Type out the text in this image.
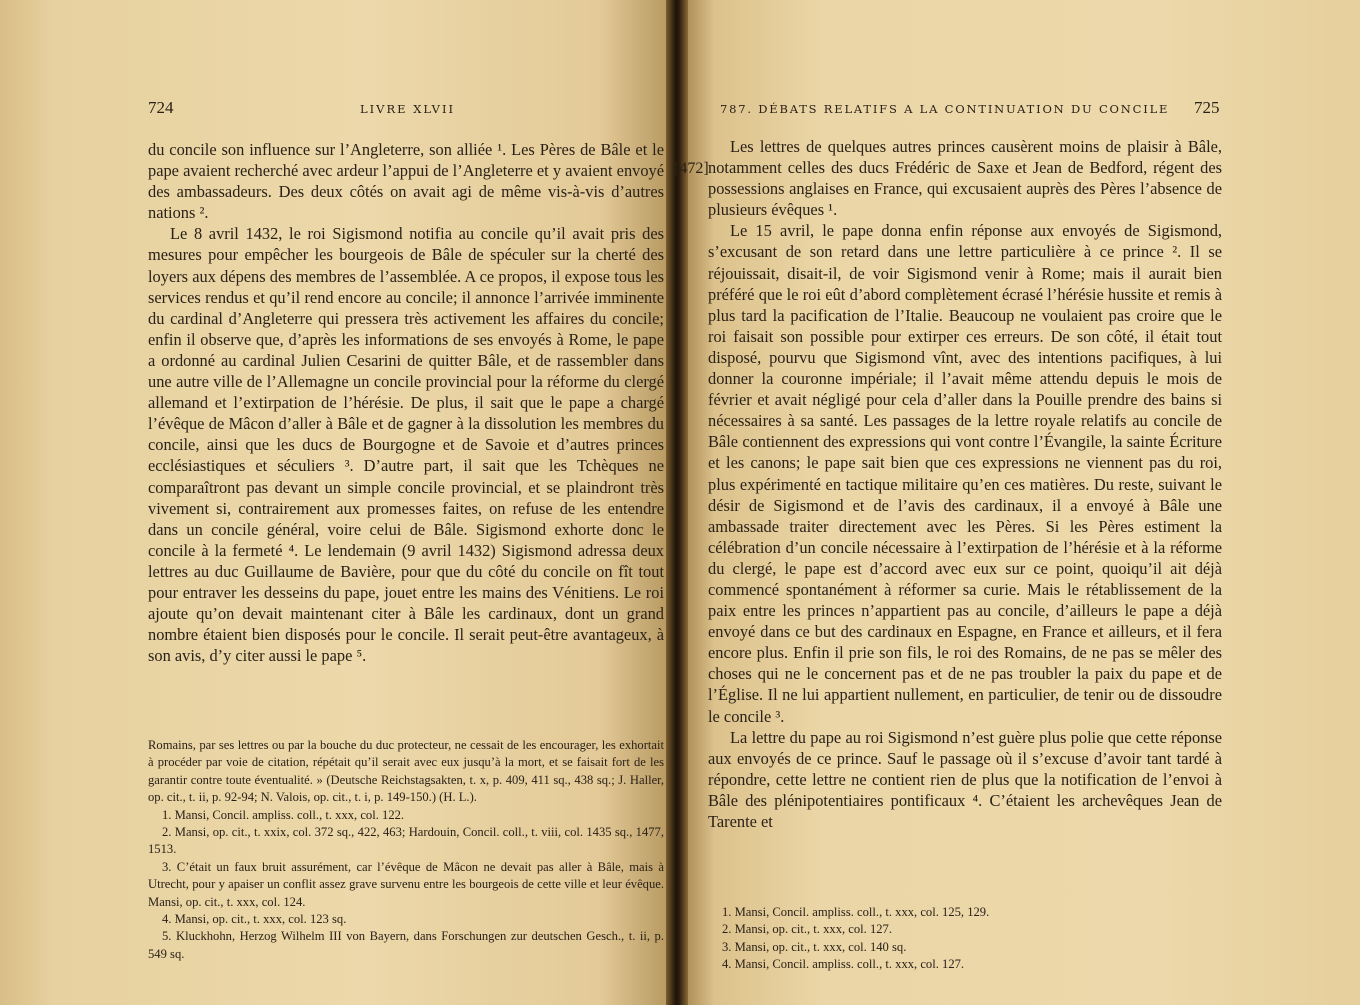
724	LIVRE XLVII

du concile son influence sur l’Angleterre, son alliée ¹. Les Pères de Bâle et le pape avaient recherché avec ardeur l’appui de l’Angleterre et y avaient envoyé des ambassadeurs. Des deux côtés on avait agi de même vis-à-vis d’autres nations ².

Le 8 avril 1432, le roi Sigismond notifia au concile qu’il avait pris des mesures pour empêcher les bourgeois de Bâle de spéculer sur la cherté des loyers aux dépens des membres de l’assemblée. A ce propos, il expose tous les services rendus et qu’il rend encore au concile; il annonce l’arrivée imminente du cardinal d’Angleterre qui pressera très activement les affaires du concile; enfin il observe que, d’après les informations de ses envoyés à Rome, le pape a ordonné au cardinal Julien Cesarini de quitter Bâle, et de rassembler dans une autre ville de l’Allemagne un concile provincial pour la réforme du clergé allemand et l’extirpation de l’hérésie. De plus, il sait que le pape a chargé l’évêque de Mâcon d’aller à Bâle et de gagner à la dissolution les membres du concile, ainsi que les ducs de Bourgogne et de Savoie et d’autres princes ecclésiastiques et séculiers ³. D’autre part, il sait que les Tchèques ne comparaîtront pas devant un simple concile provincial, et se plaindront très vivement si, contrairement aux promesses faites, on refuse de les entendre dans un concile général, voire celui de Bâle. Sigismond exhorte donc le concile à la fermeté ⁴. Le lendemain (9 avril 1432) Sigismond adressa deux lettres au duc Guillaume de Bavière, pour que du côté du concile on fît tout pour entraver les desseins du pape, jouet entre les mains des Vénitiens. Le roi ajoute qu’on devait maintenant citer à Bâle les cardinaux, dont un grand nombre étaient bien disposés pour le concile. Il serait peut-être avantageux, à son avis, d’y citer aussi le pape ⁵.

Romains, par ses lettres ou par la bouche du duc protecteur, ne cessait de les encourager, les exhortait à procéder par voie de citation, répétait qu’il serait avec eux jusqu’à la mort, et se faisait fort de les garantir contre toute éventualité. » (Deutsche Reichstagsakten, t. x, p. 409, 411 sq., 438 sq.; J. Haller, op. cit., t. ii, p. 92-94; N. Valois, op. cit., t. i, p. 149-150.) (H. L.).

1. Mansi, Concil. ampliss. coll., t. xxx, col. 122.

2. Mansi, op. cit., t. xxix, col. 372 sq., 422, 463; Hardouin, Concil. coll., t. viii, col. 1435 sq., 1477, 1513.

3. C’était un faux bruit assurément, car l’évêque de Mâcon ne devait pas aller à Bâle, mais à Utrecht, pour y apaiser un conflit assez grave survenu entre les bourgeois de cette ville et leur évêque. Mansi, op. cit., t. xxx, col. 124.

4. Mansi, op. cit., t. xxx, col. 123 sq.

5. Kluckhohn, Herzog Wilhelm III von Bayern, dans Forschungen zur deutschen Gesch., t. ii, p. 549 sq.

787. DÉBATS RELATIFS A LA CONTINUATION DU CONCILE 725
[472]

Les lettres de quelques autres princes causèrent moins de plaisir à Bâle, notamment celles des ducs Frédéric de Saxe et Jean de Bedford, régent des possessions anglaises en France, qui excusaient auprès des Pères l’absence de plusieurs évêques ¹.

Le 15 avril, le pape donna enfin réponse aux envoyés de Sigismond, s’excusant de son retard dans une lettre particulière à ce prince ². Il se réjouissait, disait-il, de voir Sigismond venir à Rome; mais il aurait bien préféré que le roi eût d’abord complètement écrasé l’hérésie hussite et remis à plus tard la pacification de l’Italie. Beaucoup ne voulaient pas croire que le roi faisait son possible pour extirper ces erreurs. De son côté, il était tout disposé, pourvu que Sigismond vînt, avec des intentions pacifiques, à lui donner la couronne impériale; il l’avait même attendu depuis le mois de février et avait négligé pour cela d’aller dans la Pouille prendre des bains si nécessaires à sa santé. Les passages de la lettre royale relatifs au concile de Bâle contiennent des expressions qui vont contre l’Évangile, la sainte Écriture et les canons; le pape sait bien que ces expressions ne viennent pas du roi, plus expérimenté en tactique militaire qu’en ces matières. Du reste, suivant le désir de Sigismond et de l’avis des cardinaux, il a envoyé à Bâle une ambassade traiter directement avec les Pères. Si les Pères estiment la célébration d’un concile nécessaire à l’extirpation de l’hérésie et à la réforme du clergé, le pape est d’accord avec eux sur ce point, quoiqu’il ait déjà commencé spontanément à réformer sa curie. Mais le rétablissement de la paix entre les princes n’appartient pas au concile, d’ailleurs le pape a déjà envoyé dans ce but des cardinaux en Espagne, en France et ailleurs, et il fera encore plus. Enfin il prie son fils, le roi des Romains, de ne pas se mêler des choses qui ne le concernent pas et de ne pas troubler la paix du pape et de l’Église. Il ne lui appartient nullement, en particulier, de tenir ou de dissoudre le concile ³.

La lettre du pape au roi Sigismond n’est guère plus polie que cette réponse aux envoyés de ce prince. Sauf le passage où il s’excuse d’avoir tant tardé à répondre, cette lettre ne contient rien de plus que la notification de l’envoi à Bâle des plénipotentiaires pontificaux ⁴. C’étaient les archevêques Jean de Tarente et

1. Mansi, Concil. ampliss. coll., t. xxx, col. 125, 129.

2. Mansi, op. cit., t. xxx, col. 127.

3. Mansi, op. cit., t. xxx, col. 140 sq.

4. Mansi, Concil. ampliss. coll., t. xxx, col. 127.
